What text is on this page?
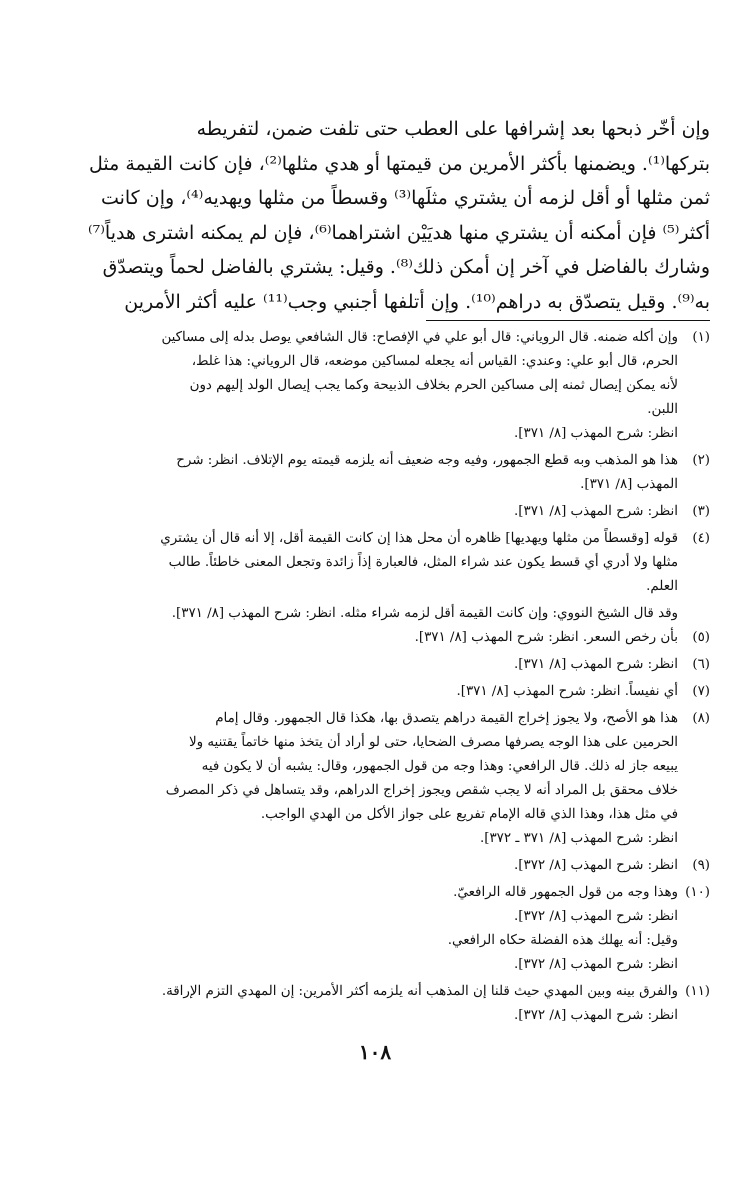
وإن أخّر ذبحها بعد إشرافها على العطب حتى تلفت ضمن، لتفريطه
بتركها⁽¹⁾. ويضمنها بأكثر الأمرين من قيمتها أو هدي مثلها⁽²⁾، فإن كانت القيمة مثل
ثمن مثلها أو أقل لزمه أن يشتري مثلَها⁽³⁾ وقسطاً من مثلها ويهديه⁽⁴⁾، وإن كانت
أكثر⁽⁵⁾ فإن أمكنه أن يشتري منها هديَيْن اشتراهما⁽⁶⁾، فإن لم يمكنه اشترى هدياً⁽⁷⁾
وشارك بالفاضل في آخر إن أمكن ذلك⁽⁸⁾. وقيل: يشتري بالفاضل لحماً ويتصدّق
به⁽⁹⁾. وقيل يتصدّق به دراهم⁽¹⁰⁾. وإن أتلفها أجنبي وجب⁽¹¹⁾ عليه أكثر الأمرين
(١)
وإن أكله ضمنه. قال الروياني: قال أبو علي في الإفصاح: قال الشافعي يوصل بدله إلى مساكين
الحرم، قال أبو علي: وعندي: القياس أنه يجعله لمساكين موضعه، قال الروياني: هذا غلط،
لأنه يمكن إيصال ثمنه إلى مساكين الحرم بخلاف الذبيحة وكما يجب إيصال الولد إليهم دون
اللبن.
انظر: شرح المهذب [٨/ ٣٧١].
(٢)
هذا هو المذهب وبه قطع الجمهور، وفيه وجه ضعيف أنه يلزمه قيمته يوم الإتلاف. انظر: شرح
المهذب [٨/ ٣٧١].
(٣)
انظر: شرح المهذب [٨/ ٣٧١].
(٤)
قوله [وقسطاً من مثلها ويهديها] ظاهره أن محل هذا إن كانت القيمة أقل، إلا أنه قال أن يشتري
مثلها ولا أدري أي قسط يكون عند شراء المثل، فالعبارة إذاً زائدة وتجعل المعنى خاطئاً. طالب
العلم.
وقد قال الشيخ النووي: وإن كانت القيمة أقل لزمه شراء مثله. انظر: شرح المهذب [٨/ ٣٧١].
(٥)
بأن رخص السعر. انظر: شرح المهذب [٨/ ٣٧١].
(٦)
انظر: شرح المهذب [٨/ ٣٧١].
(٧)
أي نفيساً. انظر: شرح المهذب [٨/ ٣٧١].
(٨)
هذا هو الأصح، ولا يجوز إخراج القيمة دراهم يتصدق بها، هكذا قال الجمهور. وقال إمام
الحرمين على هذا الوجه يصرفها مصرف الضحايا، حتى لو أراد أن يتخذ منها خاتماً يقتنيه ولا
يبيعه جاز له ذلك. قال الرافعي: وهذا وجه من قول الجمهور، وقال: يشبه أن لا يكون فيه
خلاف محقق بل المراد أنه لا يجب شقص ويجوز إخراج الدراهم، وقد يتساهل في ذكر المصرف
في مثل هذا، وهذا الذي قاله الإمام تفريع على جواز الأكل من الهدي الواجب.
انظر: شرح المهذب [٨/ ٣٧١ ـ ٣٧٢].
(٩)
انظر: شرح المهذب [٨/ ٣٧٢].
(١٠)
وهذا وجه من قول الجمهور قاله الرافعيّ.
انظر: شرح المهذب [٨/ ٣٧٢].
وقيل: أنه يهلك هذه الفضلة حكاه الرافعي.
انظر: شرح المهذب [٨/ ٣٧٢].
(١١)
والفرق بينه وبين المهدي حيث قلنا إن المذهب أنه يلزمه أكثر الأمرين: إن المهدي التزم الإراقة.
انظر: شرح المهذب [٨/ ٣٧٢].
١٠٨
